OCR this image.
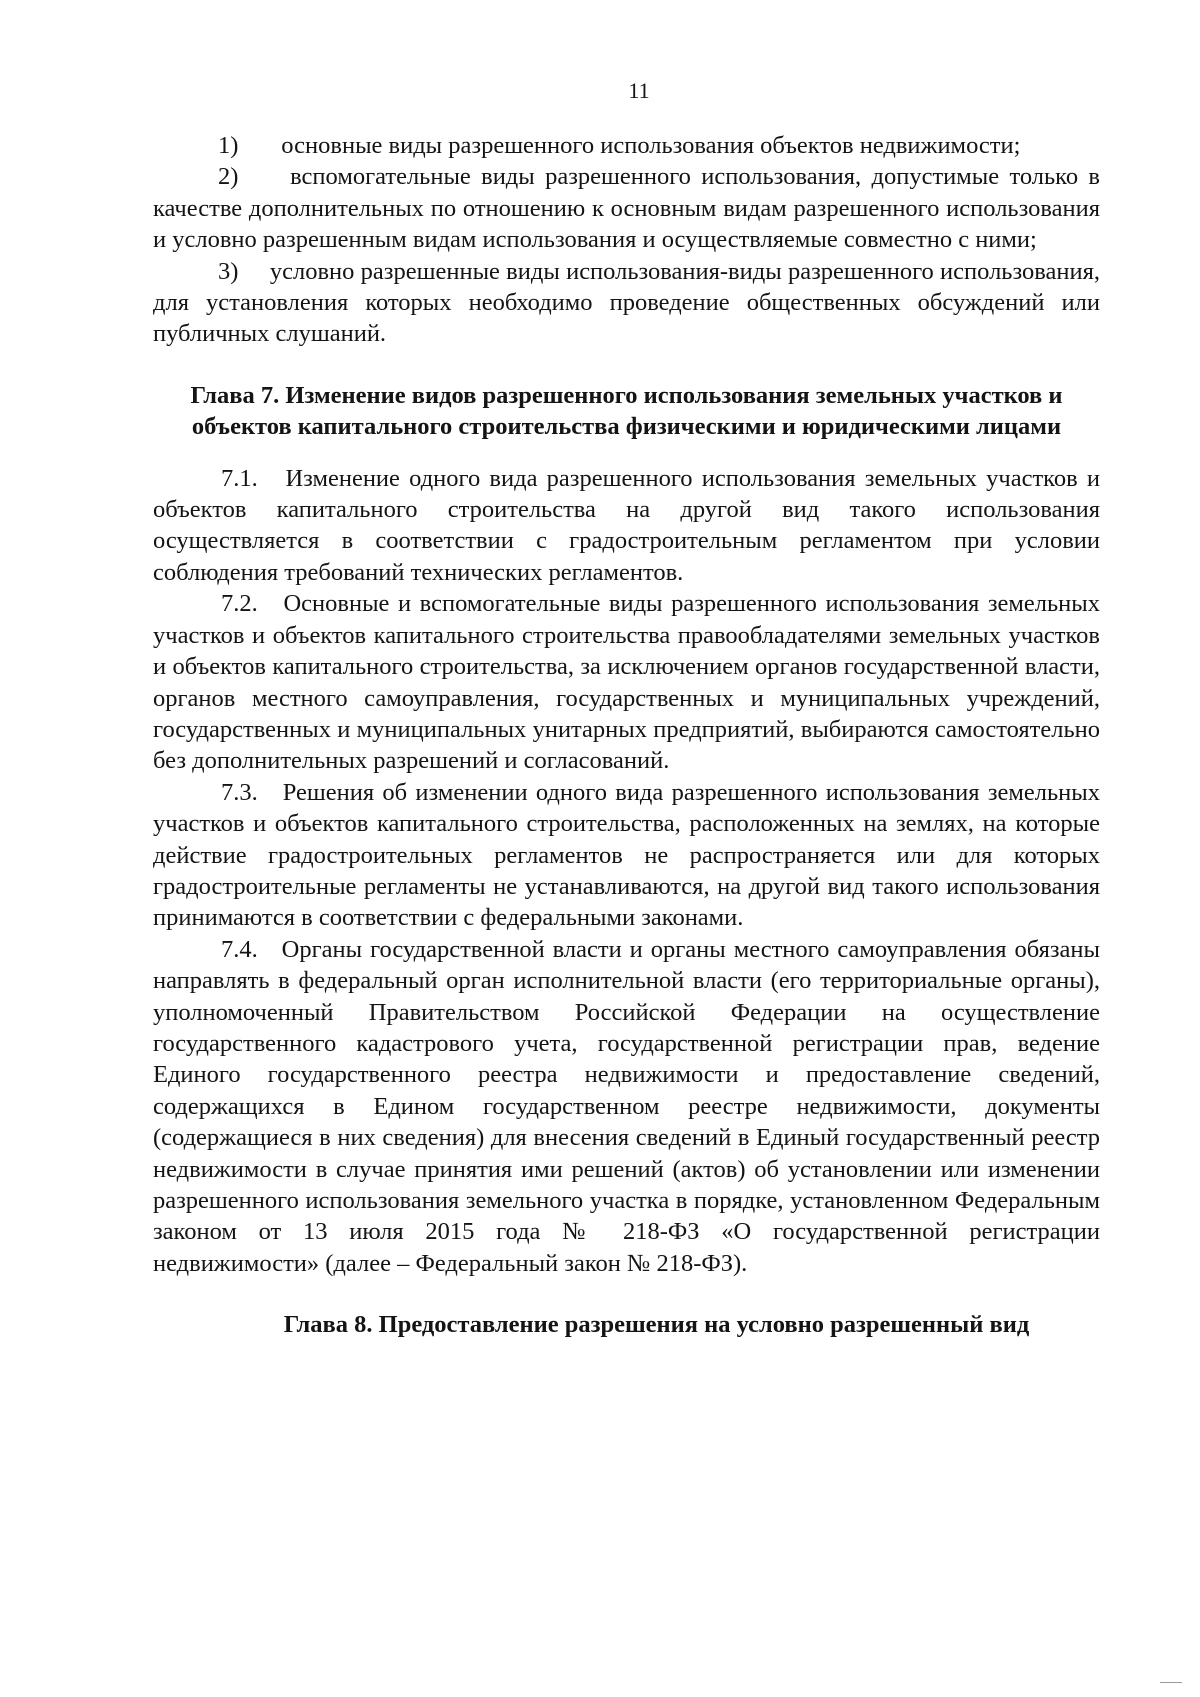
11

1) основные виды разрешенного использования объектов недвижимости;

2) вспомогательные виды разрешенного использования, допустимые только в качестве дополнительных по отношению к основным видам разрешенного использования и условно разрешенным видам использования и осуществляемые совместно с ними;

3) условно разрешенные виды использования-виды разрешенного использования, для установления которых необходимо проведение общественных обсуждений или публичных слушаний.

Глава 7. Изменение видов разрешенного использования земельных участков и объектов капитального строительства физическими и юридическими лицами

7.1. Изменение одного вида разрешенного использования земельных участков и объектов капитального строительства на другой вид такого использования осуществляется в соответствии с градостроительным регламентом при условии соблюдения требований технических регламентов.

7.2. Основные и вспомогательные виды разрешенного использования земельных участков и объектов капитального строительства правообладателями земельных участков и объектов капитального строительства, за исключением органов государственной власти, органов местного самоуправления, государственных и муниципальных учреждений, государственных и муниципальных унитарных предприятий, выбираются самостоятельно без дополнительных разрешений и согласований.

7.3. Решения об изменении одного вида разрешенного использования земельных участков и объектов капитального строительства, расположенных на землях, на которые действие градостроительных регламентов не распространяется или для которых градостроительные регламенты не устанавливаются, на другой вид такого использования принимаются в соответствии с федеральными законами.

7.4. Органы государственной власти и органы местного самоуправления обязаны направлять в федеральный орган исполнительной власти (его территориальные органы), уполномоченный Правительством Российской Федерации на осуществление государственного кадастрового учета, государственной регистрации прав, ведение Единого государственного реестра недвижимости и предоставление сведений, содержащихся в Едином государственном реестре недвижимости, документы (содержащиеся в них сведения) для внесения сведений в Единый государственный реестр недвижимости в случае принятия ими решений (актов) об установлении или изменении разрешенного использования земельного участка в порядке, установленном Федеральным законом от 13 июля 2015 года № 218-ФЗ «О государственной регистрации недвижимости» (далее – Федеральный закон № 218-ФЗ).

Глава 8. Предоставление разрешения на условно разрешенный вид
